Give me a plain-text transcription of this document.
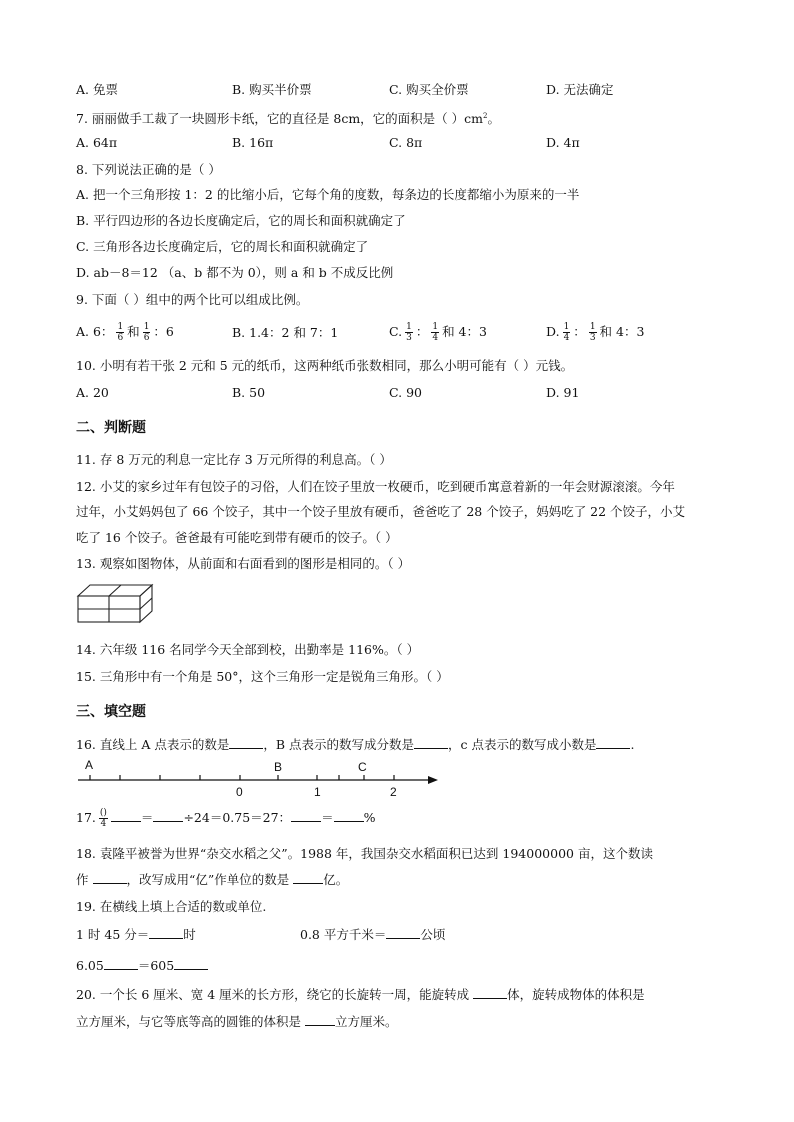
A. 免票	B. 购买半价票	C. 购买全价票	D. 无法确定
7. 丽丽做手工裁了一块圆形卡纸，它的直径是 8cm，它的面积是（ ）$cm^2$。
A. 64π	B. 16π	C. 8π	D. 4π
8. 下列说法正确的是（ ）
A. 把一个三角形按 1：2 的比缩小后，它每个角的度数，每条边的长度都缩小为原来的一半
B. 平行四边形的各边长度确定后，它的周长和面积就确定了
C. 三角形各边长度确定后，它的周长和面积就确定了
D. ab－8＝12 （a、b 都不为 0），则 a 和 b 不成反比例
9. 下面（ ）组中的两个比可以组成比例。
A. 6： $\frac{1}{6}$ 和 $\frac{1}{6}$ ：6	B. 1.4：2 和 7：1	C. $\frac{1}{3}$ ： $\frac{1}{4}$ 和 4：3	D. $\frac{1}{4}$ ： $\frac{1}{3}$ 和 4：3
10. 小明有若干张 2 元和 5 元的纸币，这两种纸币张数相同，那么小明可能有（ ）元钱。
A. 20	B. 50	C. 90	D. 91
二、判断题
11. 存 8 万元的利息一定比存 3 万元所得的利息高。（ ）
12. 小艾的家乡过年有包饺子的习俗，人们在饺子里放一枚硬币，吃到硬币寓意着新的一年会财源滚滚。今年
过年，小艾妈妈包了 66 个饺子，其中一个饺子里放有硬币，爸爸吃了 28 个饺子，妈妈吃了 22 个饺子，小艾
吃了 16 个饺子。爸爸最有可能吃到带有硬币的饺子。（ ）
13. 观察如图物体，从前面和右面看到的图形是相同的。（ ）
14. 六年级 116 名同学今天全部到校，出勤率是 116%。（ ）
15. 三角形中有一个角是 50°，这个三角形一定是锐角三角形。（ ）
三、填空题
16. 直线上 A 点表示的数是	，B 点表示的数写成分数是	，c 点表示的数写成小数是	.
A	B	C
0	1	2
17. $\frac{()}{4}$	＝ ÷24＝0.75＝27： ＝ %
18. 袁隆平被誉为世界“杂交水稻之父”。1988 年，我国杂交水稻面积已达到 194000000 亩，这个数读
作	，改写成用“亿”作单位的数是	亿。
19. 在横线上填上合适的数或单位.
1 时 45 分＝	时	0.8 平方千米＝	公顷
6.05	＝605
20. 一个长 6 厘米、宽 4 厘米的长方形，绕它的长旋转一周，能旋转成	体，旋转成物体的体积是
立方厘米，与它等底等高的圆锥的体积是	立方厘米。
